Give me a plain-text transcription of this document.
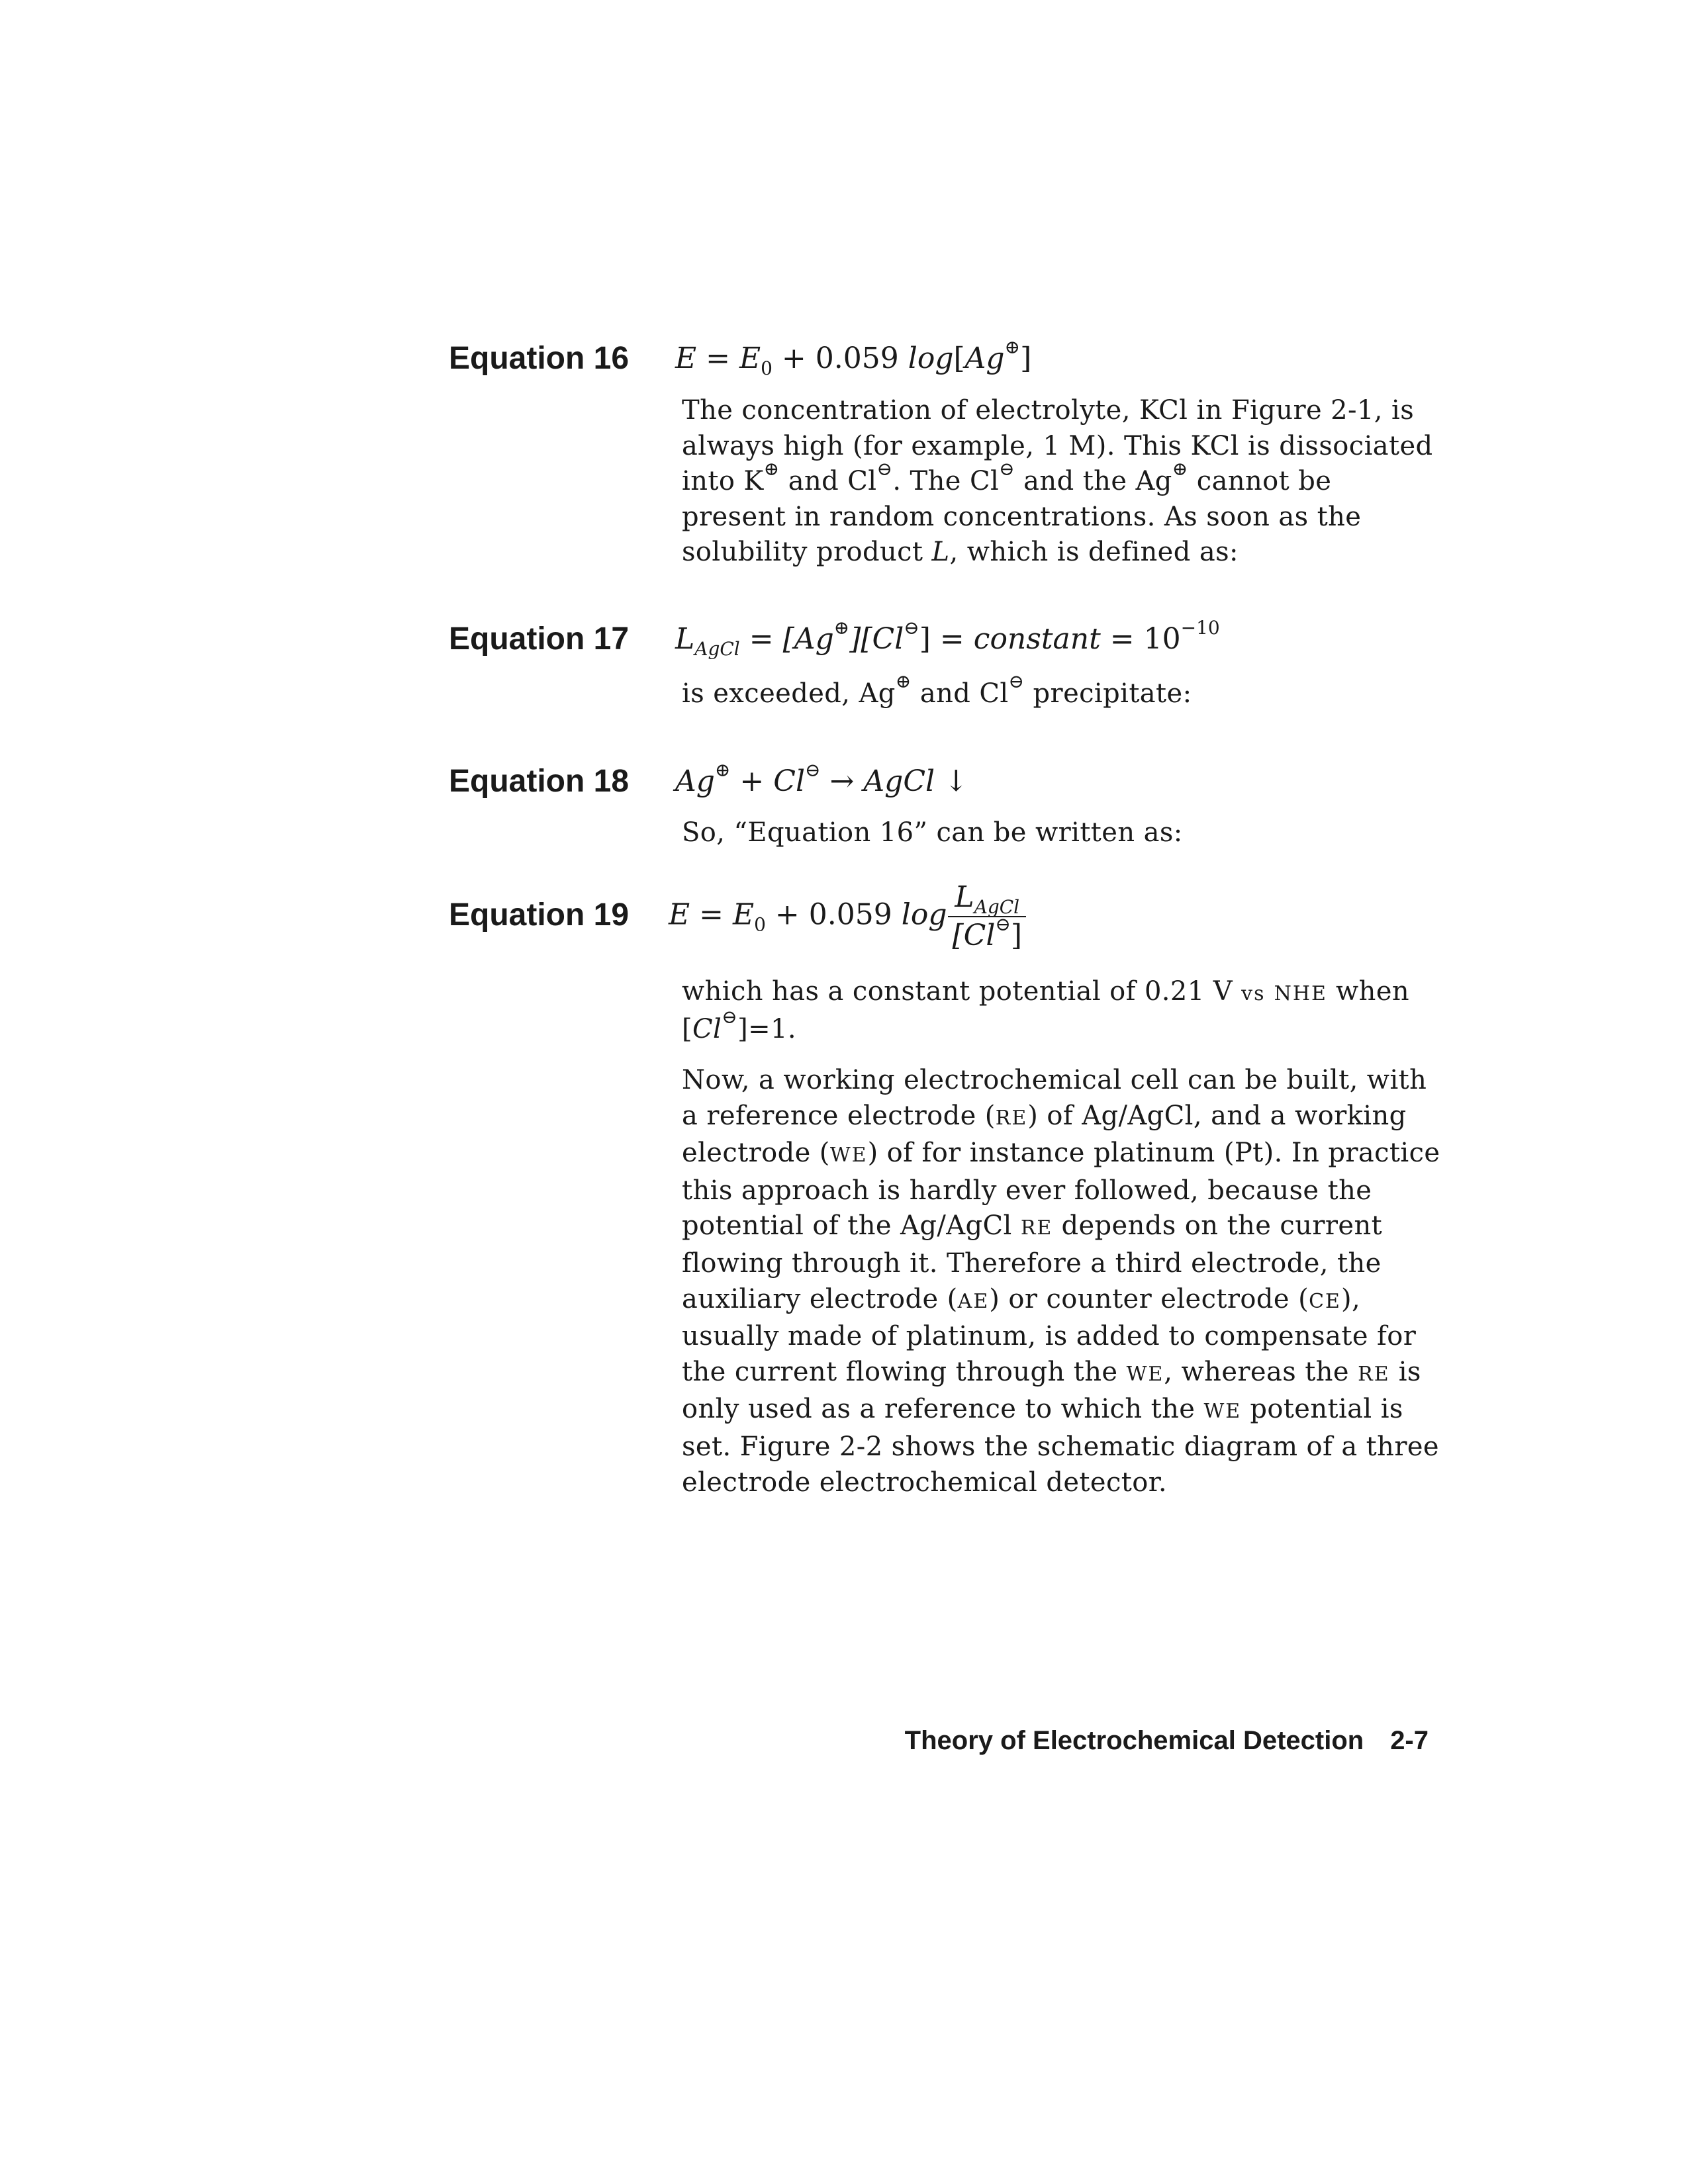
Equation 16 $E = E_0 + 0.059$ log[Ag⊕]
The concentration of electrolyte, KCl in Figure 2-1, is
always high (for example, 1 M). This KCl is dissociated
into K⊕ and Cl⊖. The Cl⊖ and the Ag⊕ cannot be
present in random concentrations. As soon as the
solubility product L, which is defined as:
Equation 17 $L_{AgCl} = [Ag^\oplus][Cl^⊖]$ = constant = $10^{-10}$
is exceeded, Ag⊕ and Cl⊖ precipitate:
Equation 18 Ag⊕ + Cl⊖ → AgCl ↓
So, “Equation 16” can be written as:
Equation 19 $E = E_0 + 0.059$ $\log \frac{L_{AgCl}}{[Cl^⊖]}$
which has a constant potential of 0.21 V vs NHE when
[Cl⊖]=1.
Now, a working electrochemical cell can be built, with
a reference electrode (RE) of Ag/AgCl, and a working
electrode (WE) of for instance platinum (Pt). In practice
this approach is hardly ever followed, because the
potential of the Ag/AgCl RE depends on the current
flowing through it. Therefore a third electrode, the
auxiliary electrode (AE) or counter electrode (CE),
usually made of platinum, is added to compensate for
the current flowing through the WE, whereas the RE is
only used as a reference to which the WE potential is
set. Figure 2-2 shows the schematic diagram of a three
electrode electrochemical detector.
Theory of Electrochemical Detection 2-7
